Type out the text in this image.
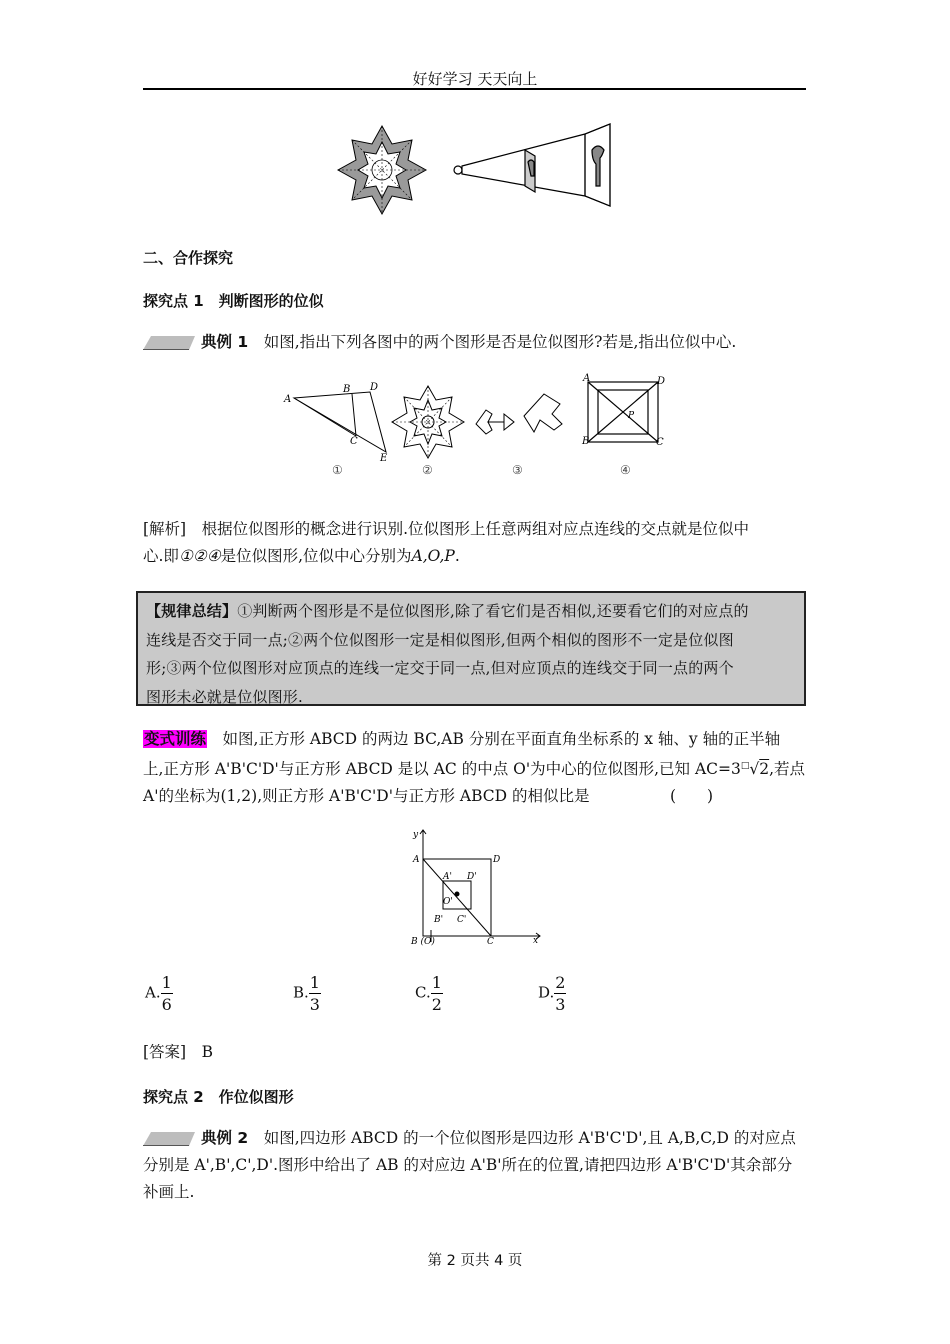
好好学习 天天向上
二、合作探究
探究点 1　判断图形的位似
典例 1　 如图,指出下列各图中的两个图形是否是位似图形?若是,指出位似中心.
A
B D
C
E
A	D
P
B	C
①	②	③	④
[解析]　 根据位似图形的概念进行识别.位似图形上任意两组对应点连线的交点就是位似中
心.即①②④是位似图形,位似中心分别为A,O,P.
【规律总结】①判断两个图形是不是位似图形,除了看它们是否相似,还要看它们的对应点的
连线是否交于同一点;②两个位似图形一定是相似图形,但两个相似的图形不一定是位似图
形;③两个位似图形对应顶点的连线一定交于同一点,但对应顶点的连线交于同一点的两个
图形未必就是位似图形.
变式训练　 如图,正方形 ABCD 的两边 BC,AB 分别在平面直角坐标系的 x 轴、y 轴的正半轴
上,正方形 A'B'C'D'与正方形 ABCD 是以 AC 的中点 O'为中心的位似图形,已知 AC=3□√2,若点
A'的坐标为(1,2),则正方形 A'B'C'D'与正方形 ABCD 的相似比是	(　　)
y
x
A	D
A' D'
O'
B' C'
B (O)	C
A. $\frac{1}{6}$	B. $\frac{1}{3}$	C. $\frac{1}{2}$	D. $\frac{2}{3}$
[答案]　 B
探究点 2　作位似图形
典例 2　 如图,四边形 ABCD 的一个位似图形是四边形 A'B'C'D',且 A,B,C,D 的对应点
分别是 A',B',C',D'.图形中给出了 AB 的对应边 A'B'所在的位置,请把四边形 A'B'C'D'其余部分
补画上.
第 2 页共 4 页
